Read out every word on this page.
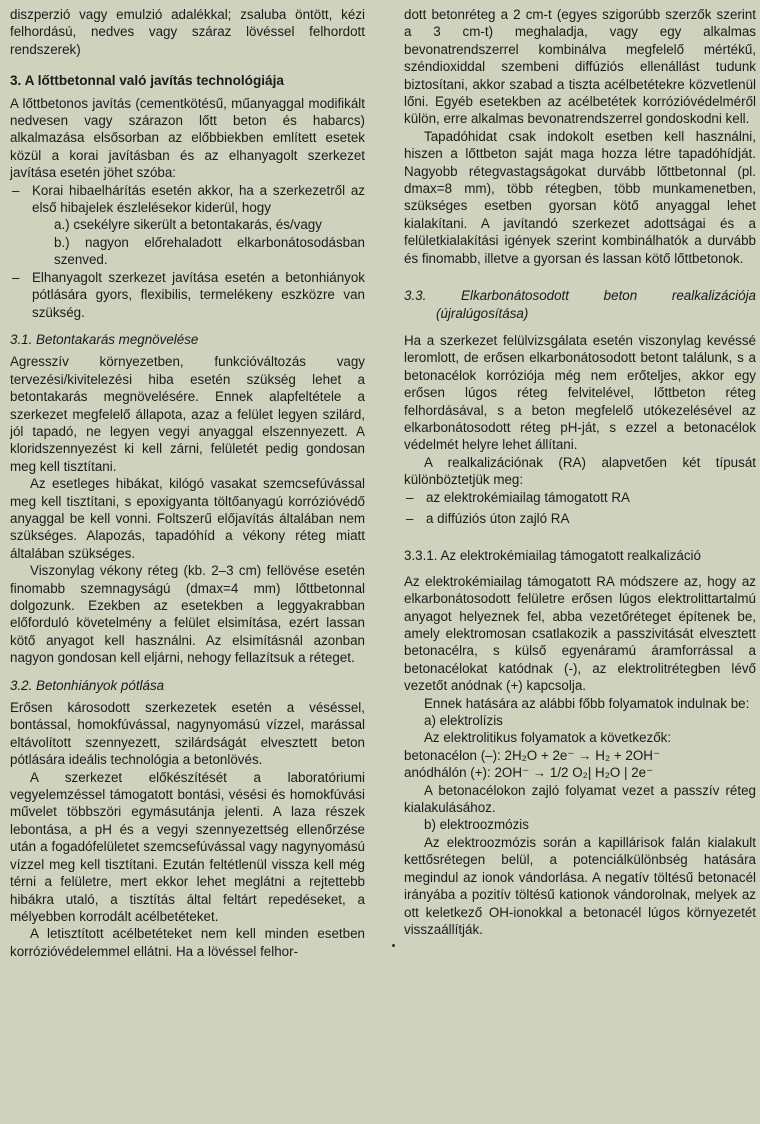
diszperzió vagy emulzió adalékkal; zsaluba öntött, kézi felhordású, nedves vagy száraz lövéssel felhordott rendszerek)

3. A lőttbetonnal való javítás technológiája

A lőttbetonos javítás (cementkötésű, műanyaggal modifikált nedvesen vagy szárazon lőtt beton és habarcs) alkalmazása elsősorban az előbbiekben említett esetek közül a korai javításban és az elhanyagolt szerkezet javítása esetén jöhet szóba:

– Korai hibaelhárítás esetén akkor, ha a szerkezetről az első hibajelek észlelésekor kiderül, hogy
a.) csekélyre sikerült a betontakarás, és/vagy

b.) nagyon előrehaladott elkarbonátosodásban szenved.

– Elhanyagolt szerkezet javítása esetén a betonhiányok pótlására gyors, flexibilis, termelékeny eszközre van szükség.

3.1. Betontakarás megnövelése

Agresszív környezetben, funkcióváltozás vagy tervezési/kivitelezési hiba esetén szükség lehet a betontakarás megnövelésére. Ennek alapfeltétele a szerkezet megfelelő állapota, azaz a felület legyen szilárd, jól tapadó, ne legyen vegyi anyaggal elszennyezett. A kloridszennyezést ki kell zárni, felületét pedig gondosan meg kell tisztítani.

Az esetleges hibákat, kilógó vasakat szemcsefúvással meg kell tisztítani, s epoxigyanta töltőanyagú korrózióvédő anyaggal be kell vonni. Foltszerű előjavítás általában nem szükséges. Alapozás, tapadóhíd a vékony réteg miatt általában szükséges.

Viszonylag vékony réteg (kb. 2–3 cm) fellövése esetén finomabb szemnagyságú (dmax=4 mm) lőttbetonnal dolgozunk. Ezekben az esetekben a leggyakrabban előforduló követelmény a felület elsimítása, ezért lassan kötő anyagot kell használni. Az elsimításnál azonban nagyon gondosan kell eljárni, nehogy fellazítsuk a réteget.

3.2. Betonhiányok pótlása

Erősen károsodott szerkezetek esetén a véséssel, bontással, homokfúvással, nagynyomású vízzel, marással eltávolított szennyezett, szilárdságát elvesztett beton pótlására ideális technológia a betonlövés.

A szerkezet előkészítését a laboratóriumi vegyelemzéssel támogatott bontási, vésési és homokfúvási művelet többszöri egymásutánja jelenti. A laza részek lebontása, a pH és a vegyi szennyezettség ellenőrzése után a fogadófelületet szemcsefúvással vagy nagynyomású vízzel meg kell tisztítani. Ezután feltétlenül vissza kell még térni a felületre, mert ekkor lehet meglátni a rejtettebb hibákra utaló, a tisztítás által feltárt repedéseket, a mélyebben korrodált acélbetéteket.

A letisztított acélbetéteket nem kell minden esetben korrózióvédelemmel ellátni. Ha a lövéssel felhor-

dott betonréteg a 2 cm-t (egyes szigorúbb szerzők szerint a 3 cm-t) meghaladja, vagy egy alkalmas bevonatrendszerrel kombinálva megfelelő mértékű, széndioxiddal szembeni diffúziós ellenállást tudunk biztosítani, akkor szabad a tiszta acélbetétekre közvetlenül lőni. Egyéb esetekben az acélbetétek korrózióvédelméről külön, erre alkalmas bevonatrendszerrel gondoskodni kell.

Tapadóhidat csak indokolt esetben kell használni, hiszen a lőttbeton saját maga hozza létre tapadóhídját. Nagyobb rétegvastagságokat durvább lőttbetonnal (pl. dmax=8 mm), több rétegben, több munkamenetben, szükséges esetben gyorsan kötő anyaggal lehet kialakítani. A javítandó szerkezet adottságai és a felületkialakítási igények szerint kombinálhatók a durvább és finomabb, illetve a gyorsan és lassan kötő lőttbetonok.

3.3. Elkarbonátosodott beton realkalizációja (újralúgosítása)

Ha a szerkezet felülvizsgálata esetén viszonylag kevéssé leromlott, de erősen elkarbonátosodott betont találunk, s a betonacélok korróziója még nem erőteljes, akkor egy erősen lúgos réteg felvitelével, lőttbeton réteg felhordásával, s a beton megfelelő utókezelésével az elkarbonátosodott réteg pH-ját, s ezzel a betonacélok védelmét helyre lehet állítani.

A realkalizációnak (RA) alapvetően két típusát különböztetjük meg:

– az elektrokémiailag támogatott RA
– a diffúziós úton zajló RA

3.3.1. Az elektrokémiailag támogatott realkalizáció

Az elektrokémiailag támogatott RA módszere az, hogy az elkarbonátosodott felületre erősen lúgos elektrolittartalmú anyagot helyeznek fel, abba vezetőréteget építenek be, amely elektromosan csatlakozik a passzivitását elvesztett betonacélra, s külső egyenáramú áramforrással a betonacélokat katódnak (-), az elektrolitrétegben lévő vezetőt anódnak (+) kapcsolja.

Ennek hatására az alábbi főbb folyamatok indulnak be:

a) elektrolízis

Az elektrolitikus folyamatok a következők:

betonacélon (–): 2H₂O + 2e⁻ → H₂ + 2OH⁻

anódhálón (+): 2OH⁻ → 1/2 O₂| H₂O | 2e⁻

A betonacélokon zajló folyamat vezet a passzív réteg kialakulásához.

b) elektroozmózis

Az elektroozmózis során a kapillárisok falán kialakult kettősrétegen belül, a potenciálkülönbség hatására megindul az ionok vándorlása. A negatív töltésű betonacél irányába a pozitív töltésű kationok vándorolnak, melyek az ott keletkező OH-ionokkal a betonacél lúgos környezetét visszaállítják.
